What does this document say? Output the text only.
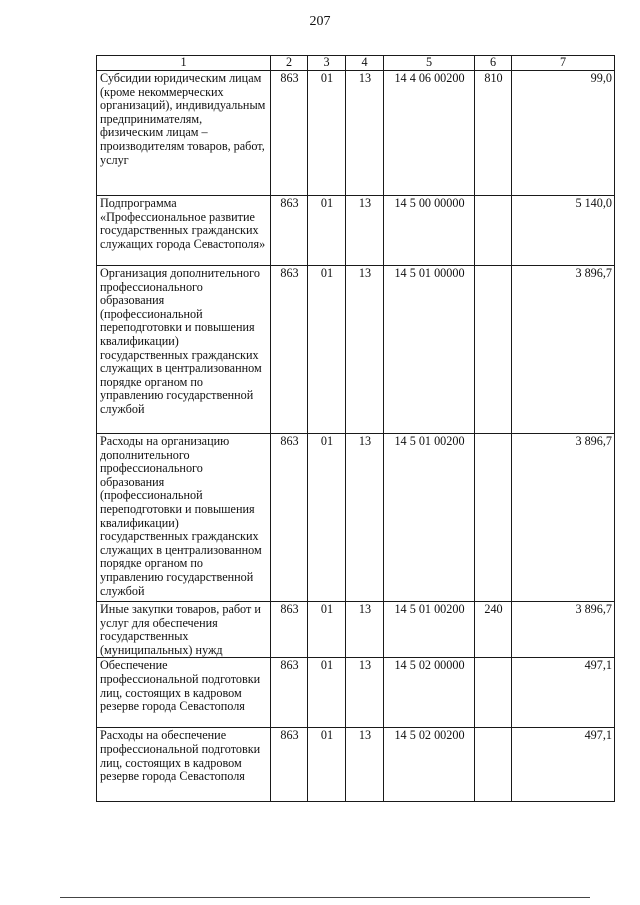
207
1	2	3	4	5	6	7
Субсидии юридическим лицам (кроме некоммерческих организаций), индивидуальным предпринимателям, физическим лицам – производителям товаров, работ, услуг	863	01	13	14 4 06 00200	810	99,0
Подпрограмма «Профессиональное развитие государственных гражданских служащих города Севастополя»	863	01	13	14 5 00 00000		5 140,0
Организация дополнительного профессионального образования (профессиональной переподготовки и повышения квалификации) государственных гражданских служащих в централизованном порядке органом по управлению государственной службой	863	01	13	14 5 01 00000		3 896,7
Расходы на организацию дополнительного профессионального образования (профессиональной переподготовки и повышения квалификации) государственных гражданских служащих в централизованном порядке органом по управлению государственной службой	863	01	13	14 5 01 00200		3 896,7
Иные закупки товаров, работ и услуг для обеспечения государственных (муниципальных) нужд	863	01	13	14 5 01 00200	240	3 896,7
Обеспечение профессиональной подготовки лиц, состоящих в кадровом резерве города Севастополя	863	01	13	14 5 02 00000		497,1
Расходы на обеспечение профессиональной подготовки лиц, состоящих в кадровом резерве города Севастополя	863	01	13	14 5 02 00200		497,1
